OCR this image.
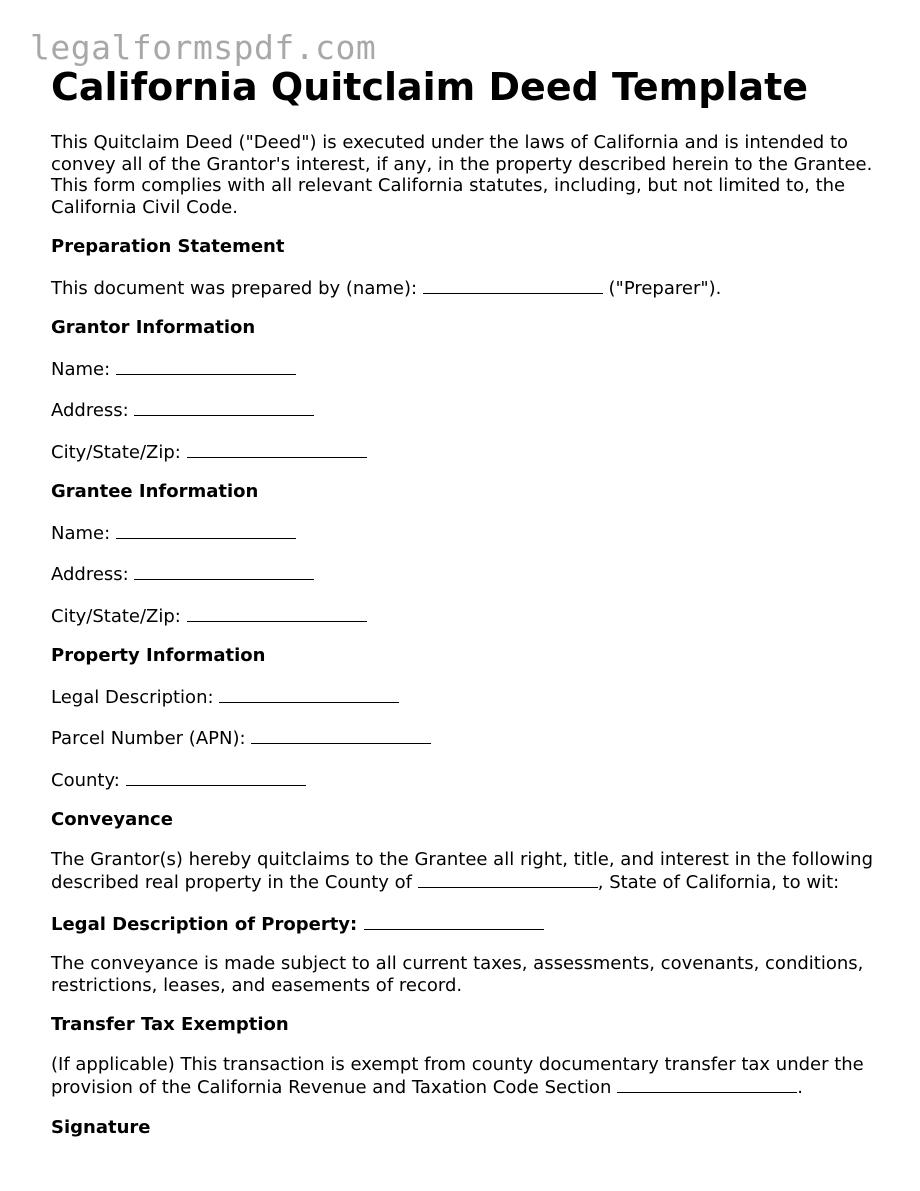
legalformspdf.com
California Quitclaim Deed Template

This Quitclaim Deed ("Deed") is executed under the laws of California and is intended to convey all of the Grantor's interest, if any, in the property described herein to the Grantee. This form complies with all relevant California statutes, including, but not limited to, the California Civil Code.

Preparation Statement

This document was prepared by (name):	("Preparer").

Grantor Information

Name:

Address:

City/State/Zip:

Grantee Information

Name:

Address:

City/State/Zip:

Property Information

Legal Description:

Parcel Number (APN):

County:

Conveyance

The Grantor(s) hereby quitclaims to the Grantee all right, title, and interest in the following described real property in the County of	, State of California, to wit:

Legal Description of Property:

The conveyance is made subject to all current taxes, assessments, covenants, conditions, restrictions, leases, and easements of record.

Transfer Tax Exemption

(If applicable) This transaction is exempt from county documentary transfer tax under the provision of the California Revenue and Taxation Code Section	.

Signature
